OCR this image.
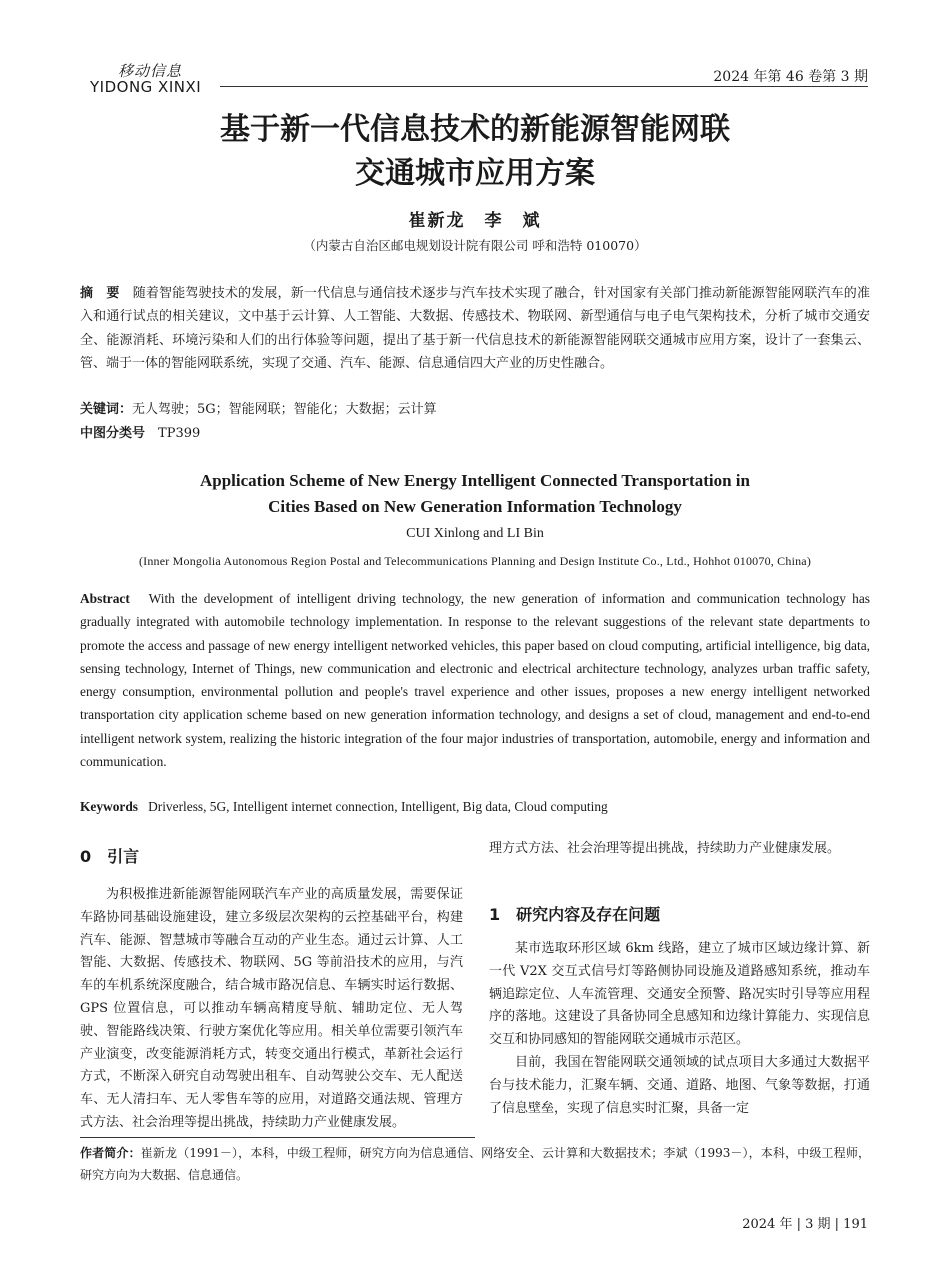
移动信息
YIDONG XINXI
2024 年第 46 卷第 3 期
基于新一代信息技术的新能源智能网联
交通城市应用方案
崔新龙　李　斌
（内蒙古自治区邮电规划设计院有限公司 呼和浩特 010070）
摘　要　 随着智能驾驶技术的发展，新一代信息与通信技术逐步与汽车技术实现了融合，针对国家有关部门推动新能源智能网联汽车的准入和通行试点的相关建议，文中基于云计算、人工智能、大数据、传感技术、物联网、新型通信与电子电气架构技术，分析了城市交通安全、能源消耗、环境污染和人们的出行体验等问题，提出了基于新一代信息技术的新能源智能网联交通城市应用方案，设计了一套集云、管、端于一体的智能网联系统，实现了交通、汽车、能源、信息通信四大产业的历史性融合。
关键词：无人驾驶；5G；智能网联；智能化；大数据；云计算
中图分类号　 TP399
Application Scheme of New Energy Intelligent Connected Transportation in
Cities Based on New Generation Information Technology
CUI Xinlong and LI Bin
(Inner Mongolia Autonomous Region Postal and Telecommunications Planning and Design Institute Co., Ltd., Hohhot 010070, China)
Abstract With the development of intelligent driving technology, the new generation of information and communication technology has gradually integrated with automobile technology implementation. In response to the relevant suggestions of the relevant state departments to promote the access and passage of new energy intelligent networked vehicles, this paper based on cloud computing, artificial intelligence, big data, sensing technology, Internet of Things, new communication and electronic and electrical architecture technology, analyzes urban traffic safety, energy consumption, environmental pollution and people's travel experience and other issues, proposes a new energy intelligent networked transportation city application scheme based on new generation information technology, and designs a set of cloud, management and end-to-end intelligent network system, realizing the historic integration of the four major industries of transportation, automobile, energy and information and communication.
Keywords Driverless, 5G, Intelligent internet connection, Intelligent, Big data, Cloud computing
0　引言

为积极推进新能源智能网联汽车产业的高质量发展，需要保证车路协同基础设施建设，建立多级层次架构的云控基础平台，构建汽车、能源、智慧城市等融合互动的产业生态。通过云计算、人工智能、大数据、传感技术、物联网、5G 等前沿技术的应用，与汽车的车机系统深度融合，结合城市路况信息、车辆实时运行数据、GPS 位置信息，可以推动车辆高精度导航、辅助定位、无人驾驶、智能路线决策、行驶方案优化等应用。相关单位需要引领汽车产业演变，改变能源消耗方式，转变交通出行模式，革新社会运行方式，不断深入研究自动驾驶出租车、自动驾驶公交车、无人配送车、无人清扫车、无人零售车等的应用，对道路交通法规、管理方式方法、社会治理等提出挑战，持续助力产业健康发展。

理方式方法、社会治理等提出挑战，持续助力产业健康发展。

1　研究内容及存在问题

某市选取环形区域 6km 线路，建立了城市区域边缘计算、新一代 V2X 交互式信号灯等路侧协同设施及道路感知系统，推动车辆追踪定位、人车流管理、交通安全预警、路况实时引导等应用程序的落地。这建设了具备协同全息感知和边缘计算能力、实现信息交互和协同感知的智能网联交通城市示范区。

目前，我国在智能网联交通领域的试点项目大多通过大数据平台与技术能力，汇聚车辆、交通、道路、地图、气象等数据，打通了信息壁垒，实现了信息实时汇聚，具备一定

作者简介：崔新龙（1991－），本科，中级工程师，研究方向为信息通信、网络安全、云计算和大数据技术；李斌（1993－），本科，中级工程师，研究方向为大数据、信息通信。
2024 年 | 3 期 | 191
